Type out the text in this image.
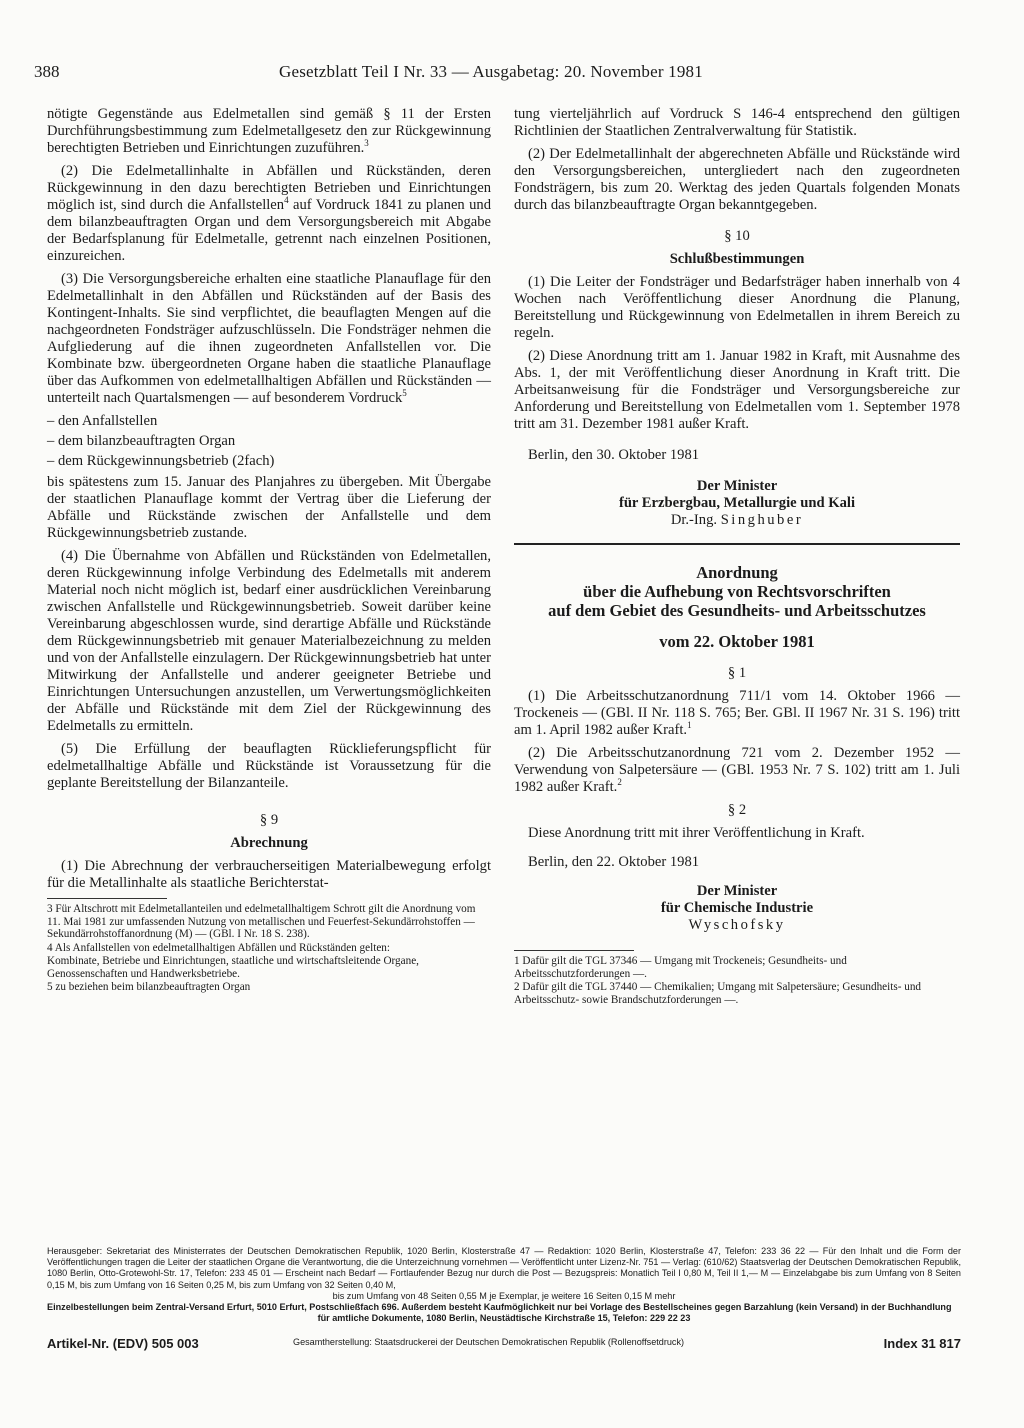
388	Gesetzblatt Teil I Nr. 33 — Ausgabetag: 20. November 1981

nötigte Gegenstände aus Edelmetallen sind gemäß § 11 der Ersten Durchführungsbestimmung zum Edelmetallgesetz den zur Rückgewinnung berechtigten Betrieben und Einrichtungen zuzuführen.$^3$

(2) Die Edelmetallinhalte in Abfällen und Rückständen, deren Rückgewinnung in den dazu berechtigten Betrieben und Einrichtungen möglich ist, sind durch die Anfallstellen$^4$ auf Vordruck 1841 zu planen und dem bilanzbeauftragten Organ und dem Versorgungsbereich mit Abgabe der Bedarfsplanung für Edelmetalle, getrennt nach einzelnen Positionen, einzureichen.

(3) Die Versorgungsbereiche erhalten eine staatliche Planauflage für den Edelmetallinhalt in den Abfällen und Rückständen auf der Basis des Kontingent-Inhalts. Sie sind verpflichtet, die beauflagten Mengen auf die nachgeordneten Fondsträger aufzuschlüsseln. Die Fondsträger nehmen die Aufgliederung auf die ihnen zugeordneten Anfallstellen vor. Die Kombinate bzw. übergeordneten Organe haben die staatliche Planauflage über das Aufkommen von edelmetallhaltigen Abfällen und Rückständen — unterteilt nach Quartalsmengen — auf besonderem Vordruck$^5$

– den Anfallstellen
– dem bilanzbeauftragten Organ
– dem Rückgewinnungsbetrieb (2fach)

bis spätestens zum 15. Januar des Planjahres zu übergeben. Mit Übergabe der staatlichen Planauflage kommt der Vertrag über die Lieferung der Abfälle und Rückstände zwischen der Anfallstelle und dem Rückgewinnungsbetrieb zustande.

(4) Die Übernahme von Abfällen und Rückständen von Edelmetallen, deren Rückgewinnung infolge Verbindung des Edelmetalls mit anderem Material noch nicht möglich ist, bedarf einer ausdrücklichen Vereinbarung zwischen Anfallstelle und Rückgewinnungsbetrieb. Soweit darüber keine Vereinbarung abgeschlossen wurde, sind derartige Abfälle und Rückstände dem Rückgewinnungsbetrieb mit genauer Materialbezeichnung zu melden und von der Anfallstelle einzulagern. Der Rückgewinnungsbetrieb hat unter Mitwirkung der Anfallstelle und anderer geeigneter Betriebe und Einrichtungen Untersuchungen anzustellen, um Verwertungsmöglichkeiten der Abfälle und Rückstände mit dem Ziel der Rückgewinnung des Edelmetalls zu ermitteln.

(5) Die Erfüllung der beauflagten Rücklieferungspflicht für edelmetallhaltige Abfälle und Rückstände ist Voraussetzung für die geplante Bereitstellung der Bilanzanteile.

§ 9

Abrechnung

(1) Die Abrechnung der verbraucherseitigen Materialbewegung erfolgt für die Metallinhalte als staatliche Berichterstat-

3 Für Altschrott mit Edelmetallanteilen und edelmetallhaltigem Schrott gilt die Anordnung vom 11. Mai 1981 zur umfassenden Nutzung von metallischen und Feuerfest-Sekundärrohstoffen — Sekundärrohstoffanordnung (M) — (GBl. I Nr. 18 S. 238).

4 Als Anfallstellen von edelmetallhaltigen Abfällen und Rückständen gelten:

Kombinate, Betriebe und Einrichtungen, staatliche und wirtschaftsleitende Organe, Genossenschaften und Handwerksbetriebe.

5 zu beziehen beim bilanzbeauftragten Organ

tung vierteljährlich auf Vordruck S 146-4 entsprechend den gültigen Richtlinien der Staatlichen Zentralverwaltung für Statistik.

(2) Der Edelmetallinhalt der abgerechneten Abfälle und Rückstände wird den Versorgungsbereichen, untergliedert nach den zugeordneten Fondsträgern, bis zum 20. Werktag des jeden Quartals folgenden Monats durch das bilanzbeauftragte Organ bekanntgegeben.

§ 10

Schlußbestimmungen

(1) Die Leiter der Fondsträger und Bedarfsträger haben innerhalb von 4 Wochen nach Veröffentlichung dieser Anordnung die Planung, Bereitstellung und Rückgewinnung von Edelmetallen in ihrem Bereich zu regeln.

(2) Diese Anordnung tritt am 1. Januar 1982 in Kraft, mit Ausnahme des Abs. 1, der mit Veröffentlichung dieser Anordnung in Kraft tritt. Die Arbeitsanweisung für die Fondsträger und Versorgungsbereiche zur Anforderung und Bereitstellung von Edelmetallen vom 1. September 1978 tritt am 31. Dezember 1981 außer Kraft.

Berlin, den 30. Oktober 1981

Der Minister

für Erzbergbau, Metallurgie und Kali

Dr.-Ing. Singhuber

Anordnung

über die Aufhebung von Rechtsvorschriften

auf dem Gebiet des Gesundheits- und Arbeitsschutzes

vom 22. Oktober 1981

§ 1

(1) Die Arbeitsschutzanordnung 711/1 vom 14. Oktober 1966 — Trockeneis — (GBl. II Nr. 118 S. 765; Ber. GBl. II 1967 Nr. 31 S. 196) tritt am 1. April 1982 außer Kraft.$^1$

(2) Die Arbeitsschutzanordnung 721 vom 2. Dezember 1952 — Verwendung von Salpetersäure — (GBl. 1953 Nr. 7 S. 102) tritt am 1. Juli 1982 außer Kraft.$^2$

§ 2

Diese Anordnung tritt mit ihrer Veröffentlichung in Kraft.

Berlin, den 22. Oktober 1981

Der Minister

für Chemische Industrie

Wyschofsky

1 Dafür gilt die TGL 37346 — Umgang mit Trockeneis; Gesundheits- und Arbeitsschutzforderungen —.

2 Dafür gilt die TGL 37440 — Chemikalien; Umgang mit Salpetersäure; Gesundheits- und Arbeitsschutz- sowie Brandschutzforderungen —.

Herausgeber: Sekretariat des Ministerrates der Deutschen Demokratischen Republik, 1020 Berlin, Klosterstraße 47 — Redaktion: 1020 Berlin, Klosterstraße 47, Telefon: 233 36 22 — Für den Inhalt und die Form der Veröffentlichungen tragen die Leiter der staatlichen Organe die Verantwortung, die die Unterzeichnung vornehmen — Veröffentlicht unter Lizenz-Nr. 751 — Verlag: (610/62) Staatsverlag der Deutschen Demokratischen Republik, 1080 Berlin, Otto-Grotewohl-Str. 17, Telefon: 233 45 01 — Erscheint nach Bedarf — Fortlaufender Bezug nur durch die Post — Bezugspreis: Monatlich Teil I 0,80 M, Teil II 1,— M — Einzelabgabe bis zum Umfang von 8 Seiten 0,15 M, bis zum Umfang von 16 Seiten 0,25 M, bis zum Umfang von 32 Seiten 0,40 M,

bis zum Umfang von 48 Seiten 0,55 M je Exemplar, je weitere 16 Seiten 0,15 M mehr

Einzelbestellungen beim Zentral-Versand Erfurt, 5010 Erfurt, Postschließfach 696. Außerdem besteht Kaufmöglichkeit nur bei Vorlage des Bestellscheines gegen Barzahlung (kein Versand) in der Buchhandlung

für amtliche Dokumente, 1080 Berlin, Neustädtische Kirchstraße 15, Telefon: 229 22 23

Artikel-Nr. (EDV) 505 003	Gesamtherstellung: Staatsdruckerei der Deutschen Demokratischen Republik (Rollenoffsetdruck)	Index 31 817
